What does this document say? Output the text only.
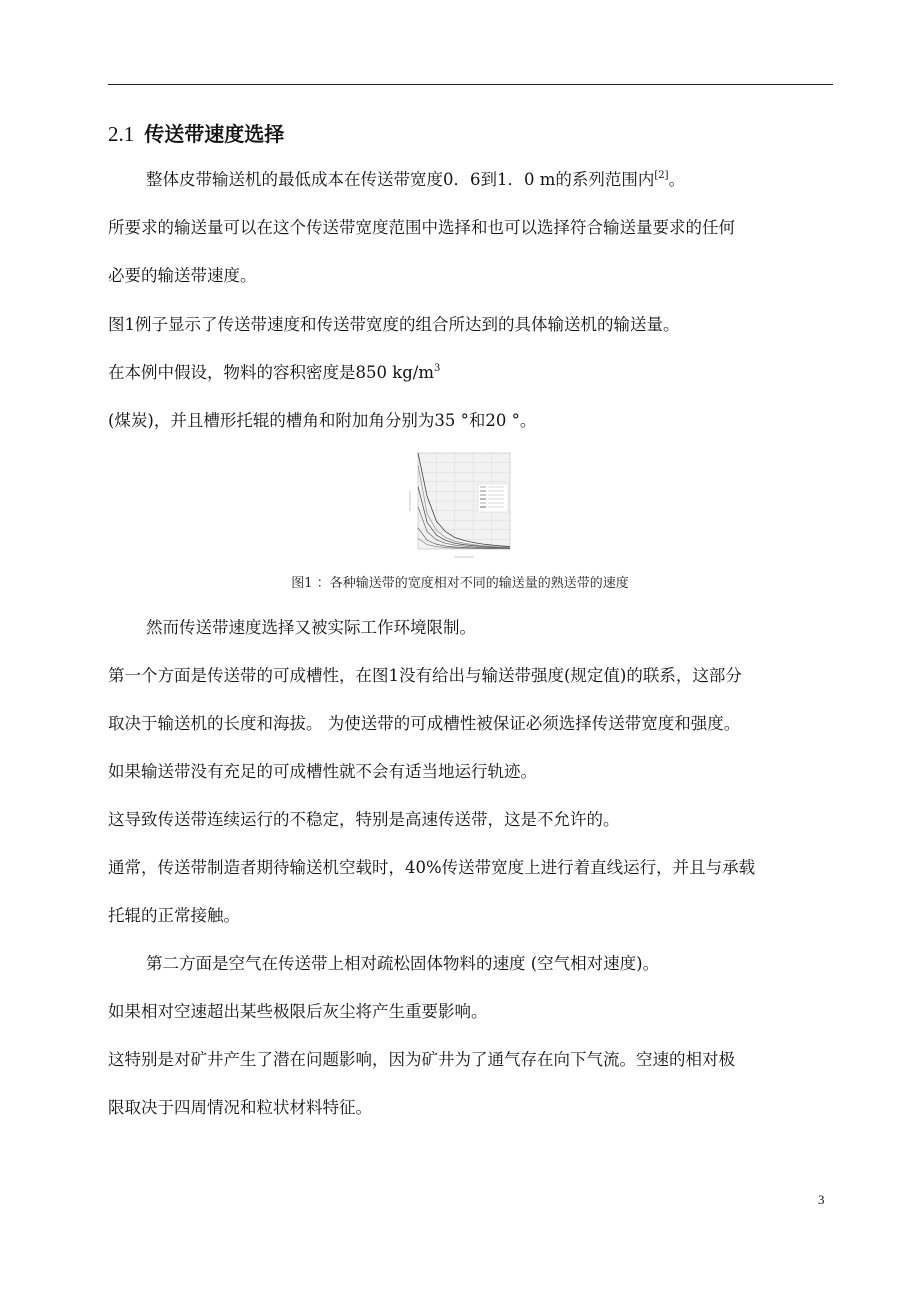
2.1 传送带速度选择
整体皮带输送机的最低成本在传送带宽度0．6到1．0 m的系列范围内[2]。
所要求的输送量可以在这个传送带宽度范围中选择和也可以选择符合输送量要求的任何
必要的输送带速度。
图1例子显示了传送带速度和传送带宽度的组合所达到的具体输送机的输送量。
在本例中假设，物料的容积密度是850 $kg/m^3$
(煤炭)，并且槽形托辊的槽角和附加角分别为35 °和20 °。
图1 ：各种输送带的宽度相对不同的输送量的熟送带的速度
然而传送带速度选择又被实际工作环境限制。
第一个方面是传送带的可成槽性，在图1没有给出与输送带强度(规定值)的联系，这部分
取决于输送机的长度和海拔。 为使送带的可成槽性被保证必须选择传送带宽度和强度。
如果输送带没有充足的可成槽性就不会有适当地运行轨迹。
这导致传送带连续运行的不稳定，特别是高速传送带，这是不允许的。
通常，传送带制造者期待输送机空载时，40%传送带宽度上进行着直线运行，并且与承载
托辊的正常接触。
第二方面是空气在传送带上相对疏松固体物料的速度 (空气相对速度)。
如果相对空速超出某些极限后灰尘将产生重要影响。
这特别是对矿井产生了潜在问题影响，因为矿井为了通气存在向下气流。空速的相对极
限取决于四周情况和粒状材料特征。
3
